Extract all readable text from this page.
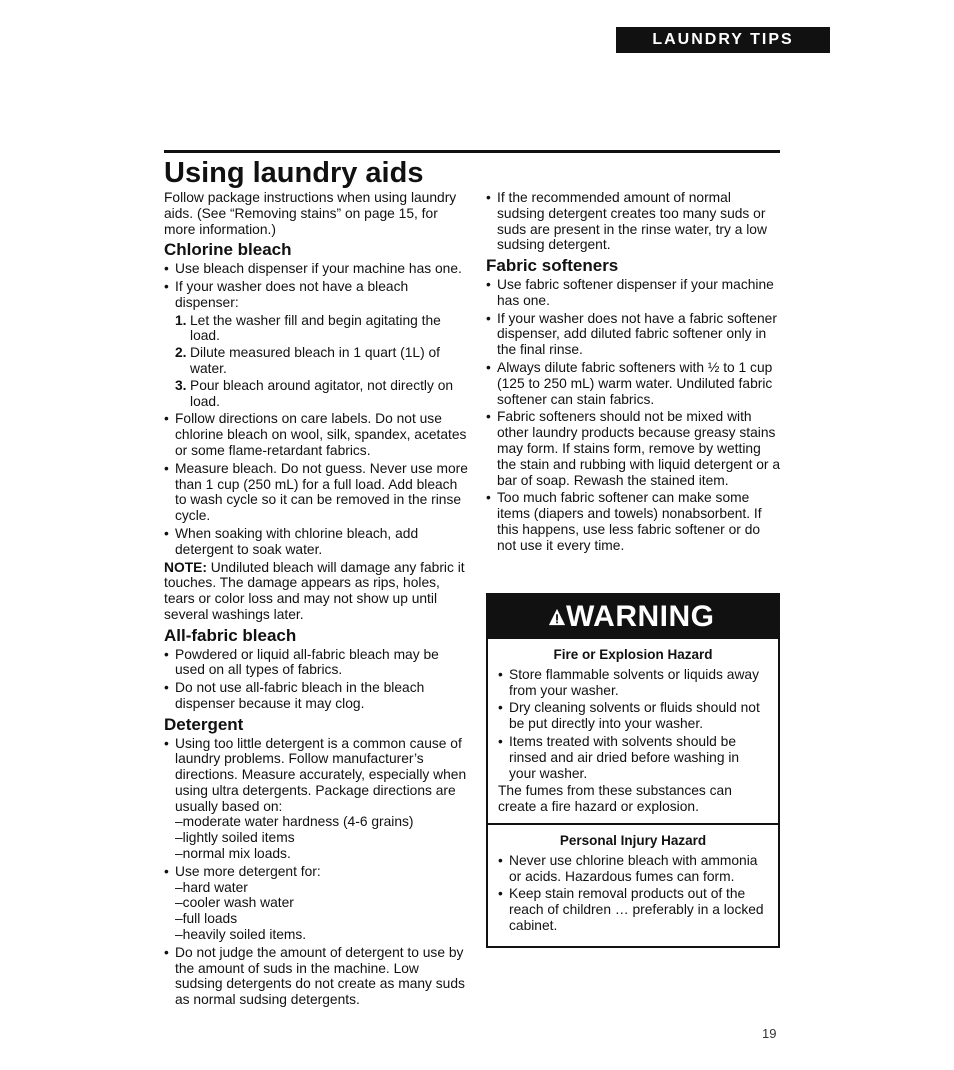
LAUNDRY TIPS
Using laundry aids

Follow package instructions when using laundry aids. (See “Removing stains” on page 15, for more information.)

Chlorine bleach
• Use bleach dispenser if your machine has one.
• If your washer does not have a bleach dispenser:
1. Let the washer fill and begin agitating the load.
2. Dilute measured bleach in 1 quart (1L) of water.
3. Pour bleach around agitator, not directly on load.
• Follow directions on care labels. Do not use chlorine bleach on wool, silk, spandex, acetates or some flame-retardant fabrics.
• Measure bleach. Do not guess. Never use more than 1 cup (250 mL) for a full load. Add bleach to wash cycle so it can be removed in the rinse cycle.
• When soaking with chlorine bleach, add detergent to soak water.

NOTE: Undiluted bleach will damage any fabric it touches. The damage appears as rips, holes, tears or color loss and may not show up until several washings later.

All-fabric bleach
• Powdered or liquid all-fabric bleach may be used on all types of fabrics.
• Do not use all-fabric bleach in the bleach dispenser because it may clog.
Detergent
• Using too little detergent is a common cause of laundry problems. Follow manufacturer’s directions. Measure accurately, especially when using ultra detergents. Package directions are usually based on:
–moderate water hardness (4-6 grains)
–lightly soiled items
–normal mix loads.
• Use more detergent for:
–hard water
–cooler wash water
–full loads
–heavily soiled items.
• Do not judge the amount of detergent to use by the amount of suds in the machine. Low sudsing detergents do not create as many suds as normal sudsing detergents.
• If the recommended amount of normal sudsing detergent creates too many suds or suds are present in the rinse water, try a low sudsing detergent.
Fabric softeners
• Use fabric softener dispenser if your machine has one.
• If your washer does not have a fabric softener dispenser, add diluted fabric softener only in the final rinse.
• Always dilute fabric softeners with ½ to 1 cup (125 to 250 mL) warm water. Undiluted fabric softener can stain fabrics.
• Fabric softeners should not be mixed with other laundry products because greasy stains may form. If stains form, remove by wetting the stain and rubbing with liquid detergent or a bar of soap. Rewash the stained item.
• Too much fabric softener can make some items (diapers and towels) nonabsorbent. If this happens, use less fabric softener or do not use it every time.
WARNING
Fire or Explosion Hazard
• Store flammable solvents or liquids away from your washer.
• Dry cleaning solvents or fluids should not be put directly into your washer.
• Items treated with solvents should be rinsed and air dried before washing in your washer.

The fumes from these substances can create a fire hazard or explosion.

Personal Injury Hazard
• Never use chlorine bleach with ammonia or acids. Hazardous fumes can form.
• Keep stain removal products out of the reach of children … preferably in a locked cabinet.
19
